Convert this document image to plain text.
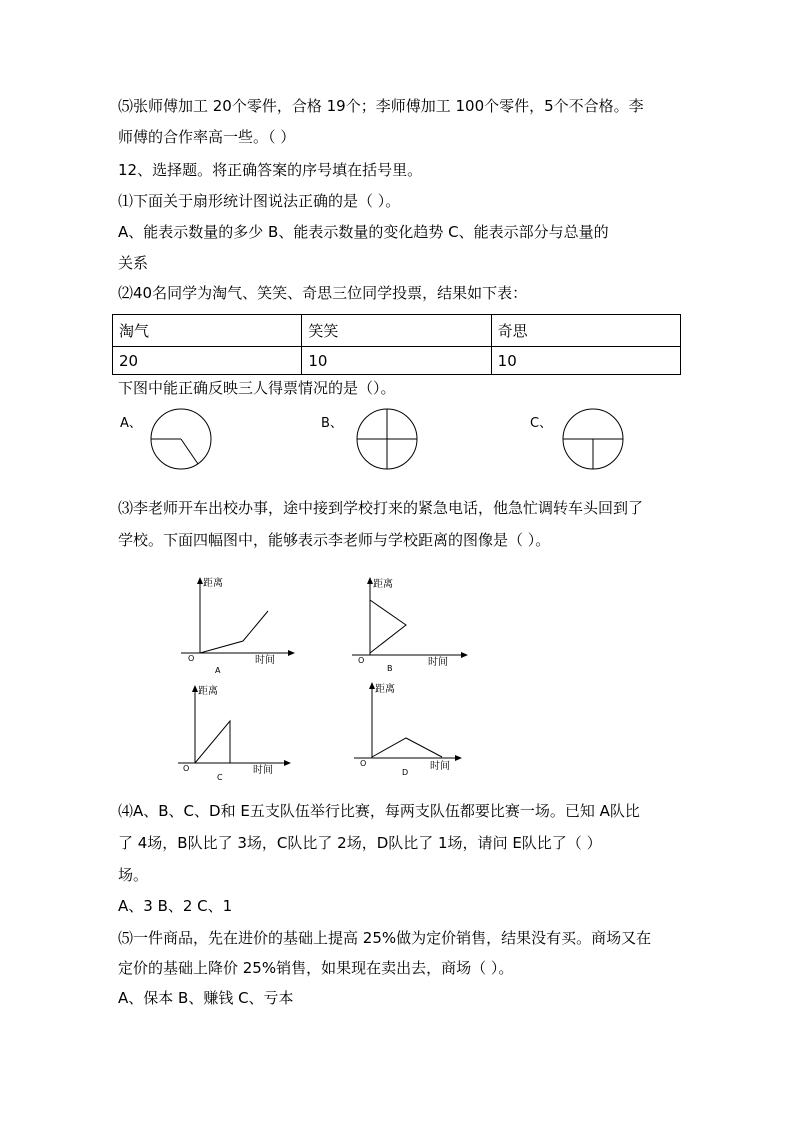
⑸张师傅加工 20个零件，合格 19个；李师傅加工 100个零件，5个不合格。李
师傅的合作率高一些。（ ）
12、选择题。将正确答案的序号填在括号里。
⑴下面关于扇形统计图说法正确的是（ ）。
A、能表示数量的多少 B、能表示数量的变化趋势 C、能表示部分与总量的
关系
⑵40名同学为淘气、笑笑、奇思三位同学投票，结果如下表：
淘气	笑笑	奇思
20	10	10
下图中能正确反映三人得票情况的是（）。
A、	B、	C、
⑶李老师开车出校办事，途中接到学校打来的紧急电话，他急忙调转车头回到了
学校。下面四幅图中，能够表示李老师与学校距离的图像是（ ）。
距离
时间
O
A
距离
时间
O
B
距离
时间
O
C
距离
时间
O
D
⑷A、B、C、D和 E五支队伍举行比赛，每两支队伍都要比赛一场。已知 A队比
了 4场，B队比了 3场，C队比了 2场，D队比了 1场，请问 E队比了（ ）
场。
A、3 B、2 C、1
⑸一件商品，先在进价的基础上提高 25%做为定价销售，结果没有买。商场又在
定价的基础上降价 25%销售，如果现在卖出去，商场（ ）。
A、保本 B、赚钱 C、亏本
